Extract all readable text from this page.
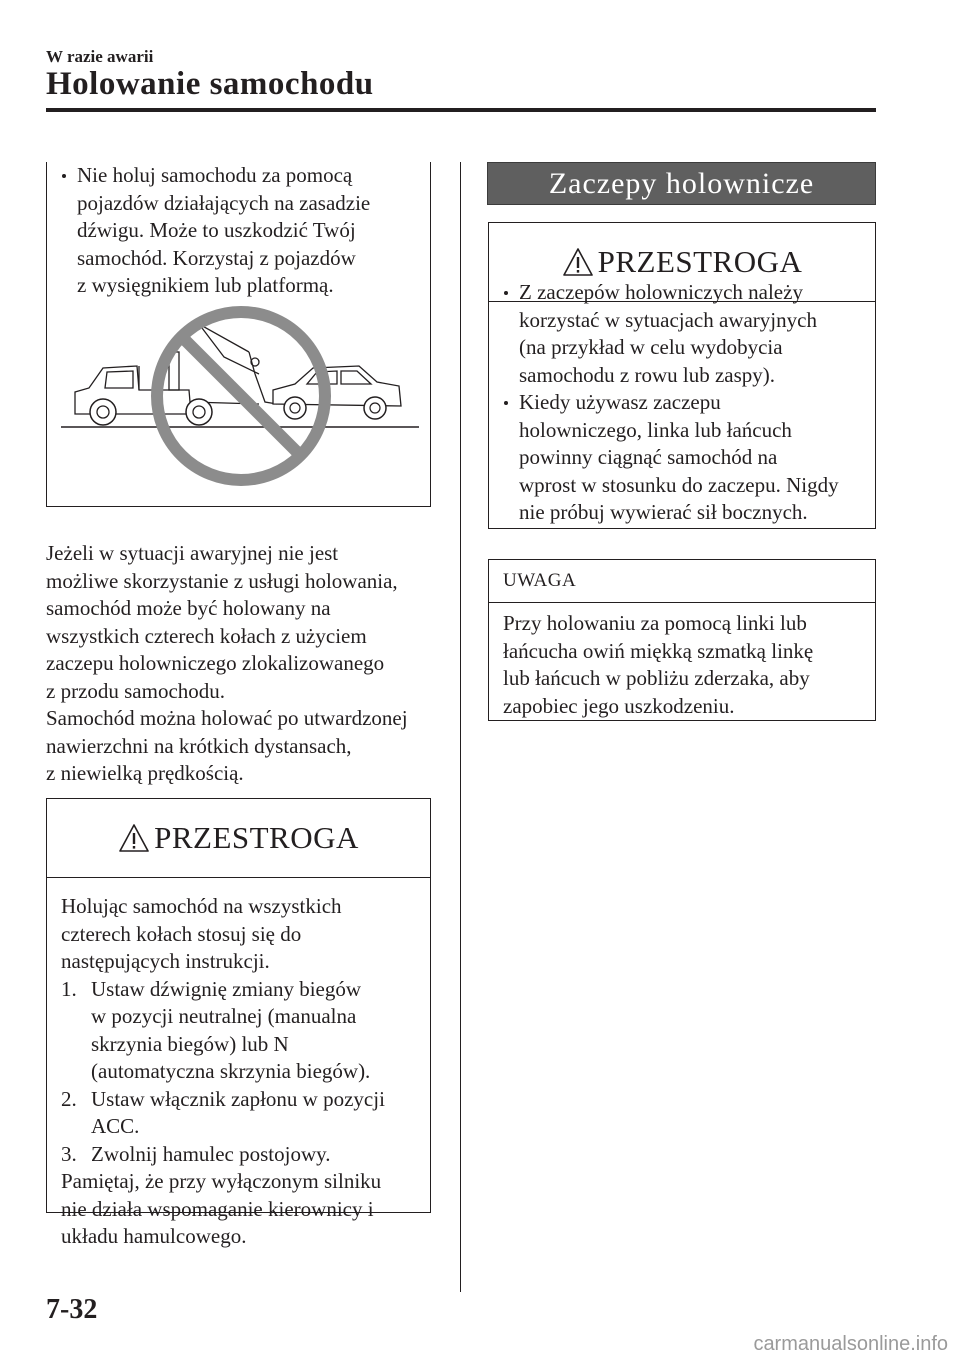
W razie awarii
Holowanie samochodu
Nie holuj samochodu za pomocą
pojazdów działających na zasadzie
dźwigu. Może to uszkodzić Twój
samochód. Korzystaj z pojazdów
z wysięgnikiem lub platformą.
Jeżeli w sytuacji awaryjnej nie jest
możliwe skorzystanie z usługi holowania,
samochód może być holowany na
wszystkich czterech kołach z użyciem
zaczepu holowniczego zlokalizowanego
z przodu samochodu.
Samochód można holować po utwardzonej
nawierzchni na krótkich dystansach,
z niewielką prędkością.
PRZESTROGA
Holując samochód na wszystkich
czterech kołach stosuj się do
następujących instrukcji.
1. Ustaw dźwignię zmiany biegów
w pozycji neutralnej (manualna
skrzynia biegów) lub N
(automatyczna skrzynia biegów).
2. Ustaw włącznik zapłonu w pozycji
ACC.
3. Zwolnij hamulec postojowy.
Pamiętaj, że przy wyłączonym silniku
nie działa wspomaganie kierownicy i
układu hamulcowego.
Zaczepy holownicze
PRZESTROGA
Z zaczepów holowniczych należy
korzystać w sytuacjach awaryjnych
(na przykład w celu wydobycia
samochodu z rowu lub zaspy).
Kiedy używasz zaczepu
holowniczego, linka lub łańcuch
powinny ciągnąć samochód na
wprost w stosunku do zaczepu. Nigdy
nie próbuj wywierać sił bocznych.
UWAGA
Przy holowaniu za pomocą linki lub
łańcucha owiń miękką szmatką linkę
lub łańcuch w pobliżu zderzaka, aby
zapobiec jego uszkodzeniu.
7-32
carmanualsonline.info
